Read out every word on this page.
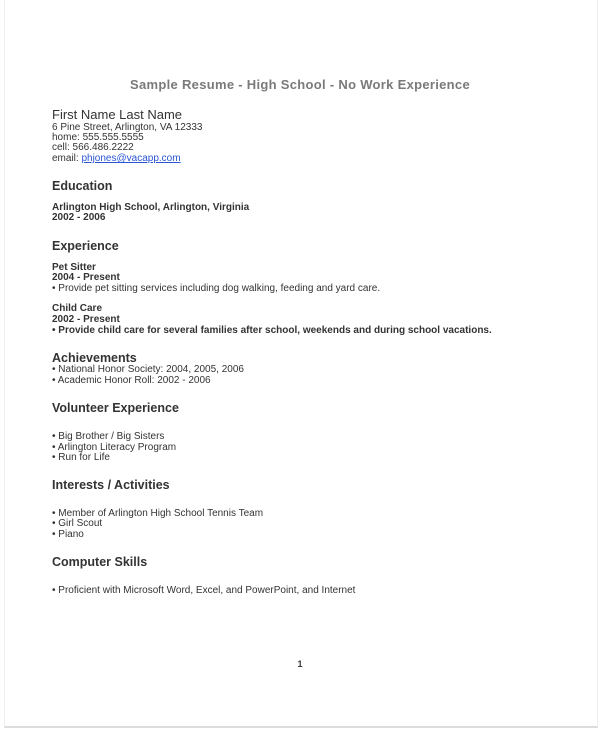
Sample Resume - High School - No Work Experience
First Name Last Name
6 Pine Street, Arlington, VA 12333
home: 555.555.5555
cell: 566.486.2222
email: phjones@vacapp.com
Education
Arlington High School, Arlington, Virginia
2002 - 2006
Experience
Pet Sitter
2004 - Present
• Provide pet sitting services including dog walking, feeding and yard care.
Child Care
2002 - Present
• Provide child care for several families after school, weekends and during school vacations.
Achievements
• National Honor Society: 2004, 2005, 2006
• Academic Honor Roll: 2002 - 2006
Volunteer Experience
• Big Brother / Big Sisters
• Arlington Literacy Program
• Run for Life
Interests / Activities
• Member of Arlington High School Tennis Team
• Girl Scout
• Piano
Computer Skills
• Proficient with Microsoft Word, Excel, and PowerPoint, and Internet
1
